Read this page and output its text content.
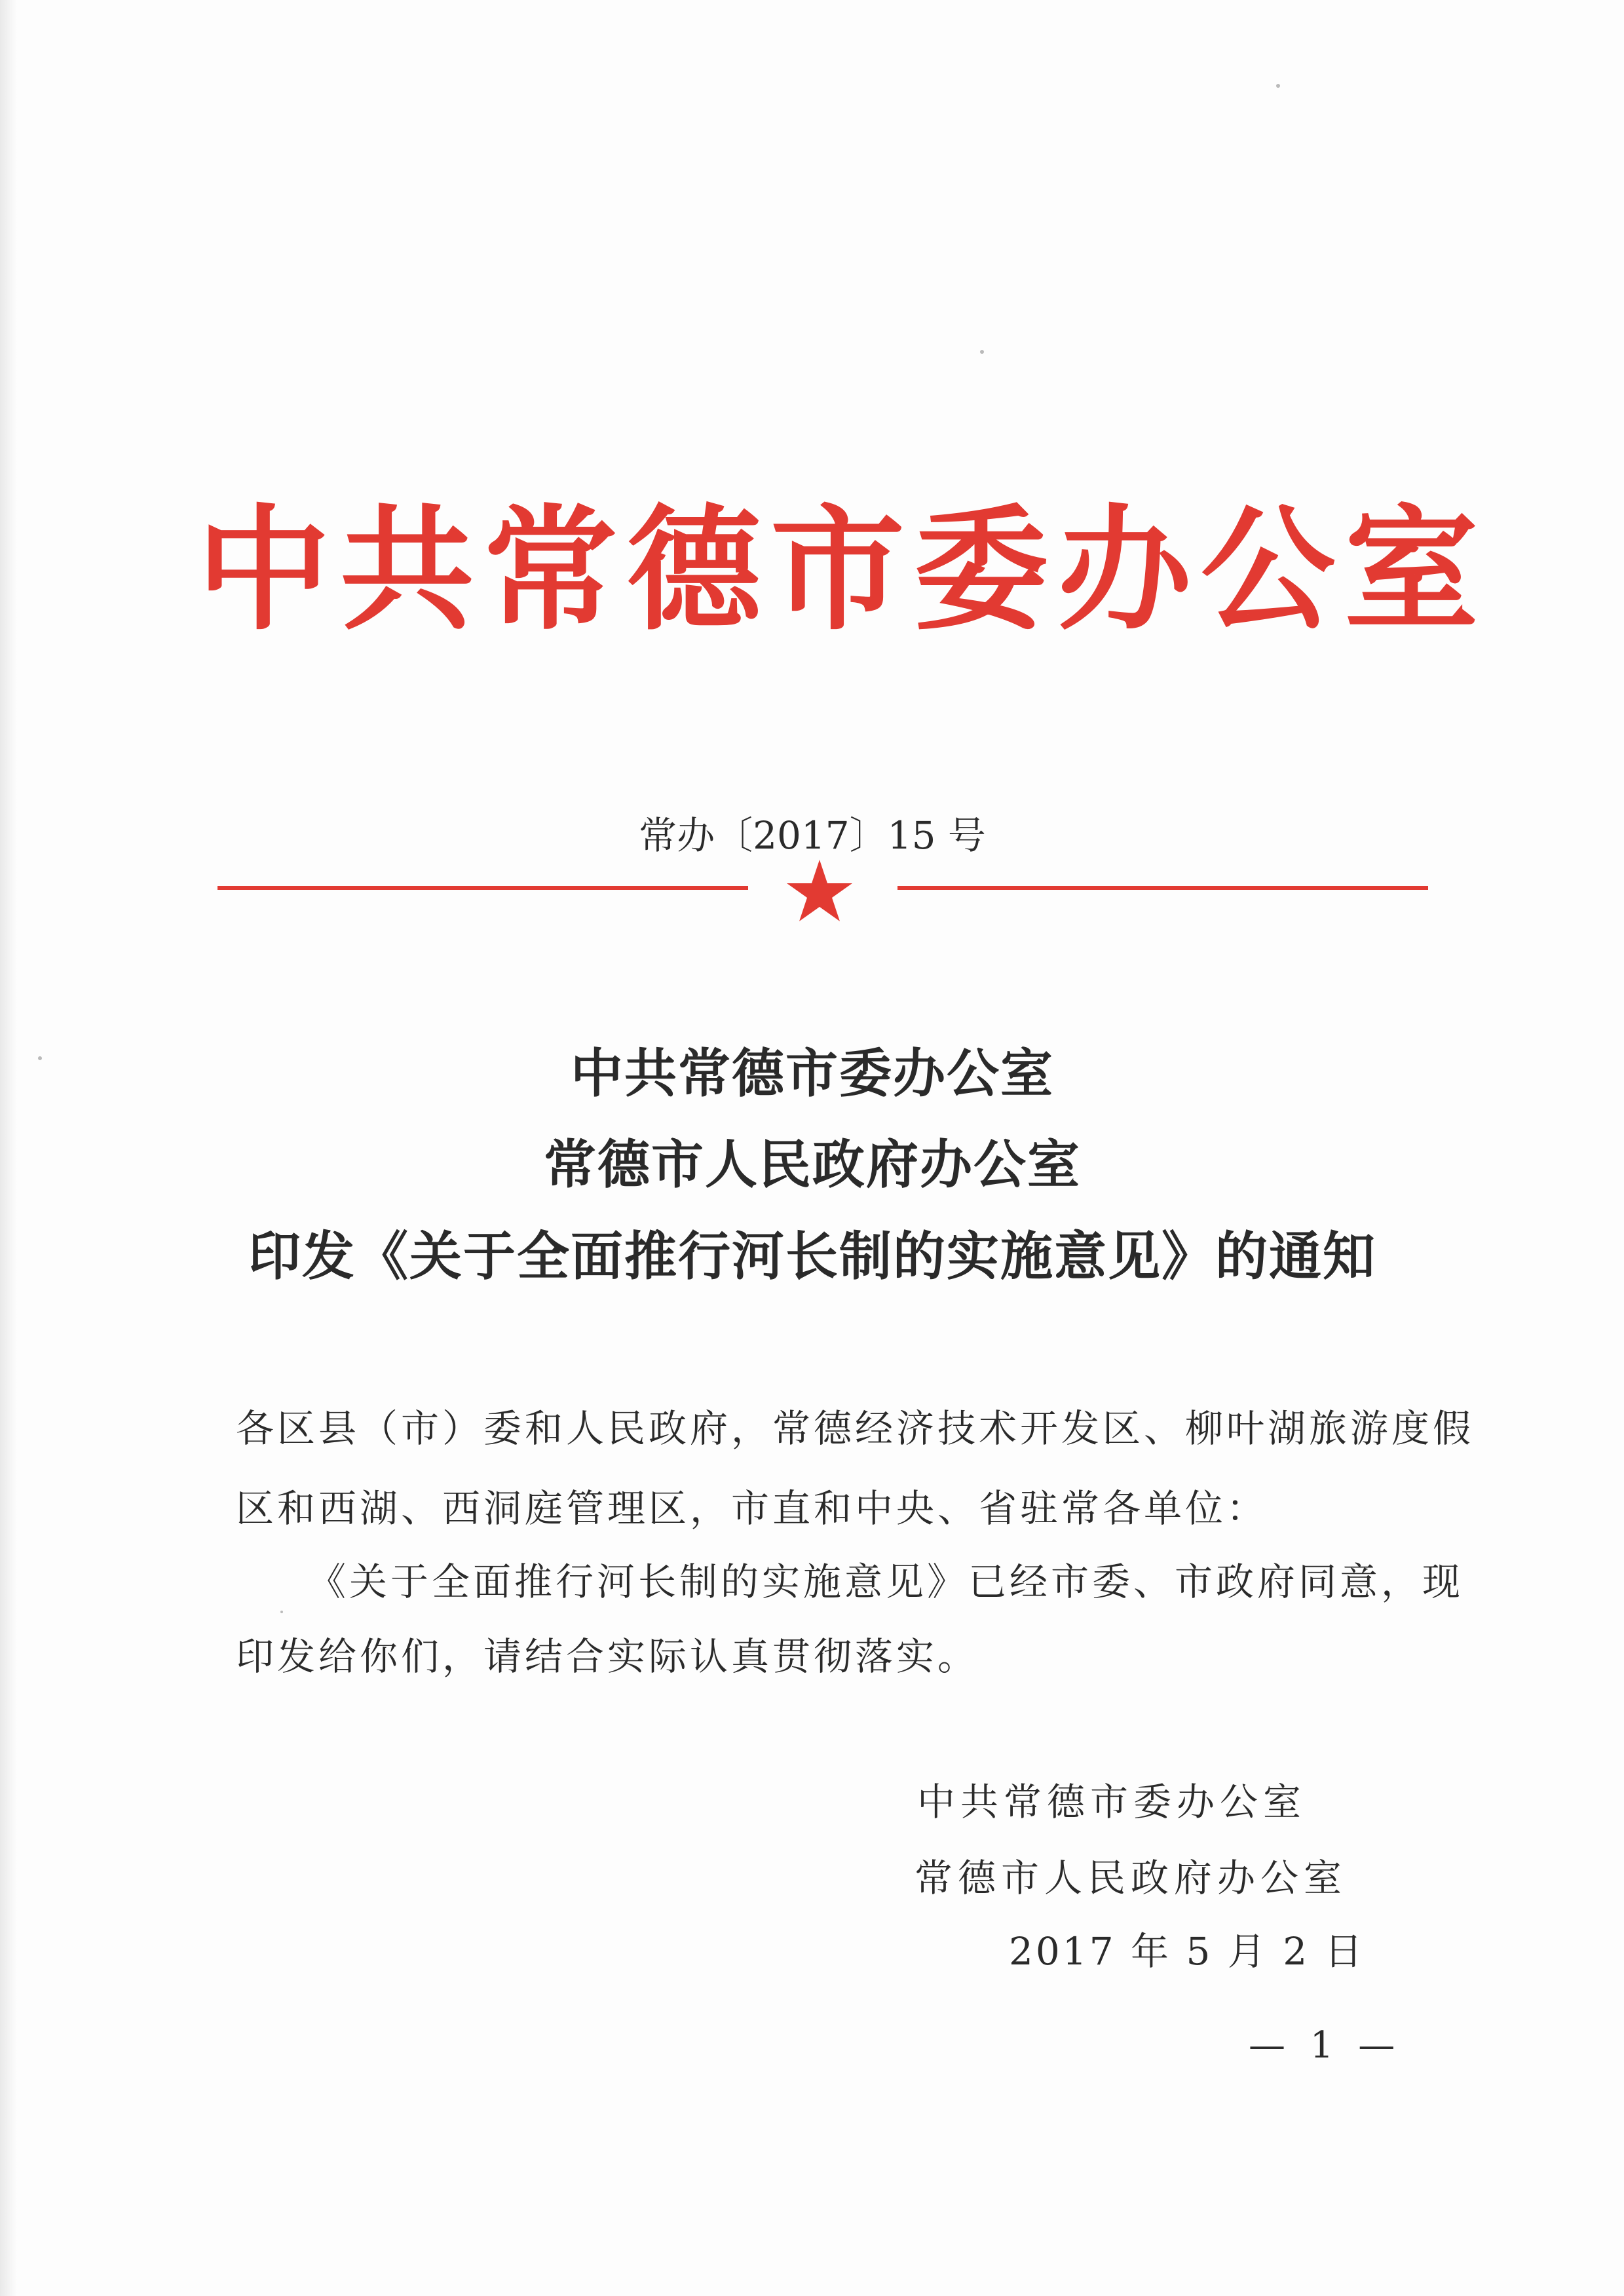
中共常德市委办公室
常办〔2017〕15 号
中共常德市委办公室
常德市人民政府办公室
印发《关于全面推行河长制的实施意见》的通知
各区县（市）委和人民政府，常德经济技术开发区、柳叶湖旅游度假
区和西湖、西洞庭管理区，市直和中央、省驻常各单位：
《关于全面推行河长制的实施意见》已经市委、市政府同意，现
印发给你们，请结合实际认真贯彻落实。
中共常德市委办公室
常德市人民政府办公室
2017 年 5 月 2 日
— 1 —
